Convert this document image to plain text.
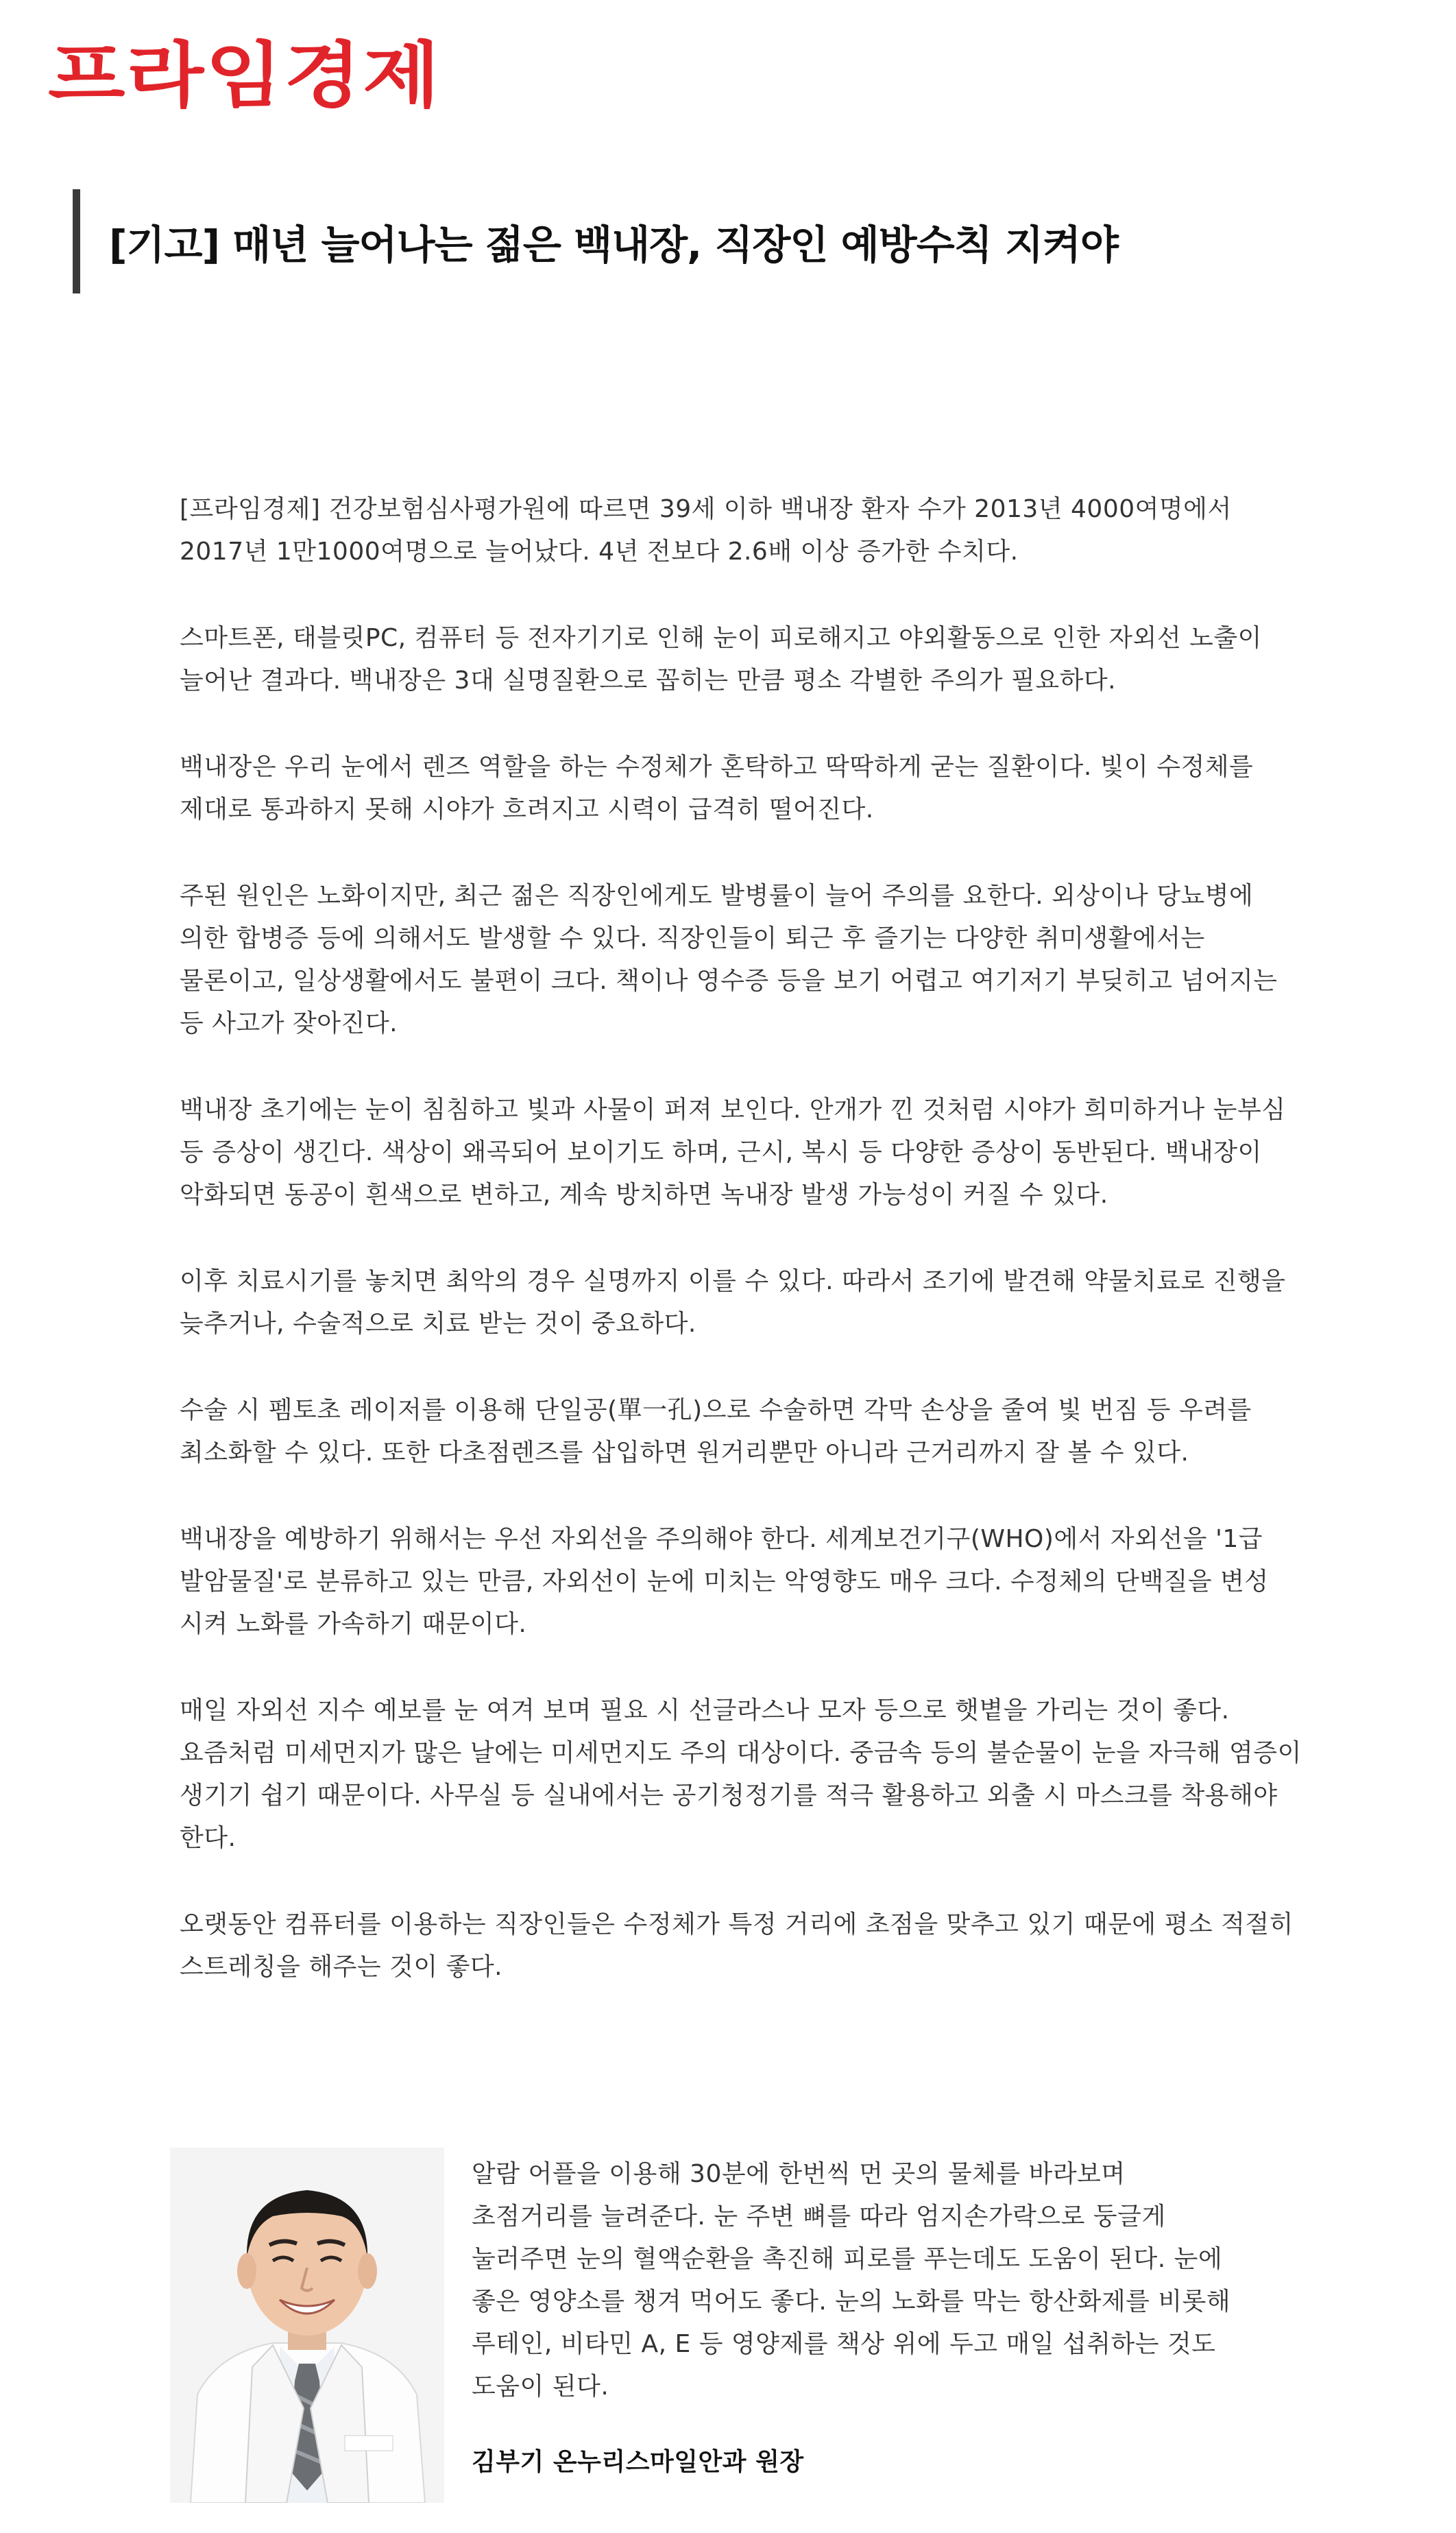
프라임경제
[기고] 매년 늘어나는 젊은 백내장, 직장인 예방수칙 지켜야

[프라임경제] 건강보험심사평가원에 따르면 39세 이하 백내장 환자 수가 2013년 4000여명에서 2017년 1만1000여명으로 늘어났다. 4년 전보다 2.6배 이상 증가한 수치다.

스마트폰, 태블릿PC, 컴퓨터 등 전자기기로 인해 눈이 피로해지고 야외활동으로 인한 자외선 노출이 늘어난 결과다. 백내장은 3대 실명질환으로 꼽히는 만큼 평소 각별한 주의가 필요하다.

백내장은 우리 눈에서 렌즈 역할을 하는 수정체가 혼탁하고 딱딱하게 굳는 질환이다. 빛이 수정체를 제대로 통과하지 못해 시야가 흐려지고 시력이 급격히 떨어진다.

주된 원인은 노화이지만, 최근 젊은 직장인에게도 발병률이 늘어 주의를 요한다. 외상이나 당뇨병에 의한 합병증 등에 의해서도 발생할 수 있다. 직장인들이 퇴근 후 즐기는 다양한 취미생활에서는 물론이고, 일상생활에서도 불편이 크다. 책이나 영수증 등을 보기 어렵고 여기저기 부딪히고 넘어지는 등 사고가 잦아진다.

백내장 초기에는 눈이 침침하고 빛과 사물이 퍼져 보인다. 안개가 낀 것처럼 시야가 희미하거나 눈부심 등 증상이 생긴다. 색상이 왜곡되어 보이기도 하며, 근시, 복시 등 다양한 증상이 동반된다. 백내장이 악화되면 동공이 흰색으로 변하고, 계속 방치하면 녹내장 발생 가능성이 커질 수 있다.

이후 치료시기를 놓치면 최악의 경우 실명까지 이를 수 있다. 따라서 조기에 발견해 약물치료로 진행을 늦추거나, 수술적으로 치료 받는 것이 중요하다.

수술 시 펨토초 레이저를 이용해 단일공(單一孔)으로 수술하면 각막 손상을 줄여 빛 번짐 등 우려를 최소화할 수 있다. 또한 다초점렌즈를 삽입하면 원거리뿐만 아니라 근거리까지 잘 볼 수 있다.

백내장을 예방하기 위해서는 우선 자외선을 주의해야 한다. 세계보건기구(WHO)에서 자외선을 '1급 발암물질'로 분류하고 있는 만큼, 자외선이 눈에 미치는 악영향도 매우 크다. 수정체의 단백질을 변성 시켜 노화를 가속하기 때문이다.

매일 자외선 지수 예보를 눈 여겨 보며 필요 시 선글라스나 모자 등으로 햇볕을 가리는 것이 좋다. 요즘처럼 미세먼지가 많은 날에는 미세먼지도 주의 대상이다. 중금속 등의 불순물이 눈을 자극해 염증이 생기기 쉽기 때문이다. 사무실 등 실내에서는 공기청정기를 적극 활용하고 외출 시 마스크를 착용해야 한다.

오랫동안 컴퓨터를 이용하는 직장인들은 수정체가 특정 거리에 초점을 맞추고 있기 때문에 평소 적절히 스트레칭을 해주는 것이 좋다.

알람 어플을 이용해 30분에 한번씩 먼 곳의 물체를 바라보며 초점거리를 늘려준다. 눈 주변 뼈를 따라 엄지손가락으로 둥글게 눌러주면 눈의 혈액순환을 촉진해 피로를 푸는데도 도움이 된다. 눈에 좋은 영양소를 챙겨 먹어도 좋다. 눈의 노화를 막는 항산화제를 비롯해 루테인, 비타민 A, E 등 영양제를 책상 위에 두고 매일 섭취하는 것도 도움이 된다.

김부기 온누리스마일안과 원장
